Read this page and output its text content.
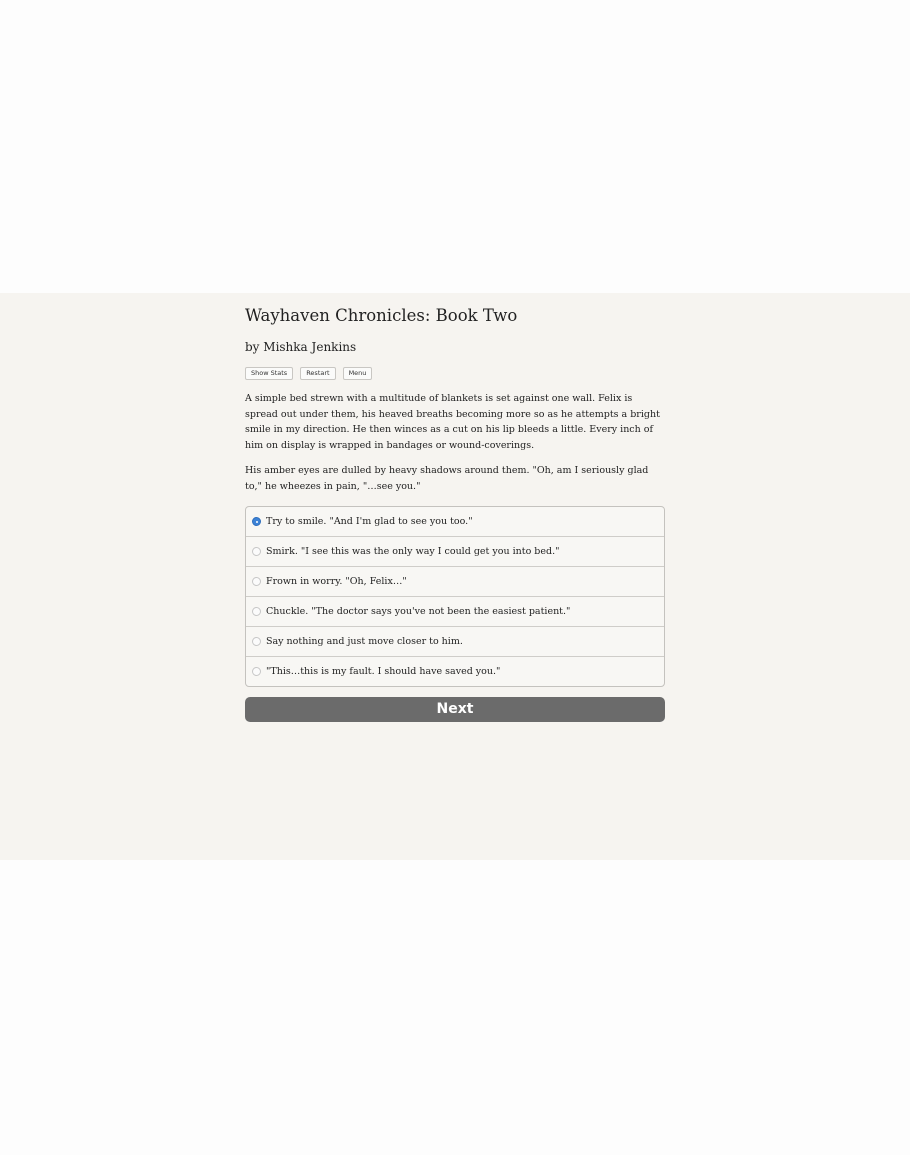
Wayhaven Chronicles: Book Two

by Mishka Jenkins

Show Stats	Restart	Menu

A simple bed strewn with a multitude of blankets is set against one wall. Felix is spread out under them, his heaved breaths becoming more so as he attempts a bright smile in my direction. He then winces as a cut on his lip bleeds a little. Every inch of him on display is wrapped in bandages or wound-coverings.

His amber eyes are dulled by heavy shadows around them. "Oh, am I seriously glad to," he wheezes in pain, "…see you."

Try to smile. "And I'm glad to see you too."
Smirk. "I see this was the only way I could get you into bed."
Frown in worry. "Oh, Felix…"
Chuckle. "The doctor says you've not been the easiest patient."
Say nothing and just move closer to him.
"This…this is my fault. I should have saved you."
Next
